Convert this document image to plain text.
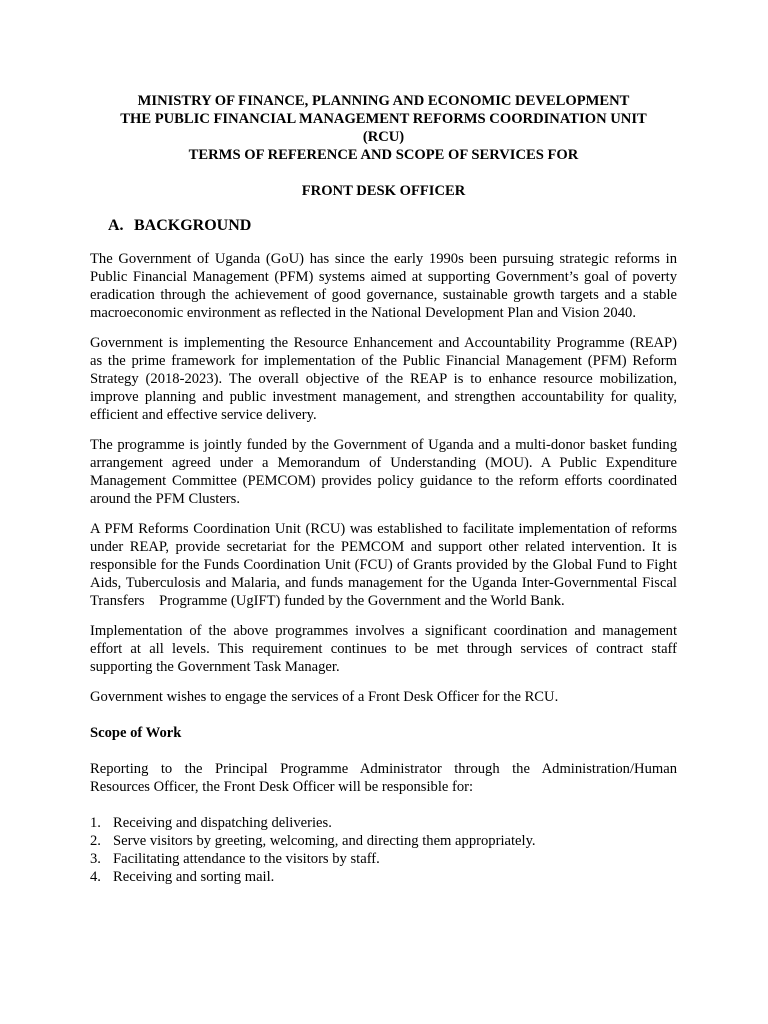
MINISTRY OF FINANCE, PLANNING AND ECONOMIC DEVELOPMENT
THE PUBLIC FINANCIAL MANAGEMENT REFORMS COORDINATION UNIT
(RCU)
TERMS OF REFERENCE AND SCOPE OF SERVICES FOR
FRONT DESK OFFICER
A. BACKGROUND
The Government of Uganda (GoU) has since the early 1990s been pursuing strategic reforms in
Public Financial Management (PFM) systems aimed at supporting Government’s goal of poverty
eradication through the achievement of good governance, sustainable growth targets and a stable
macroeconomic environment as reflected in the National Development Plan and Vision 2040.
Government is implementing the Resource Enhancement and Accountability Programme (REAP)
as the prime framework for implementation of the Public Financial Management (PFM) Reform
Strategy (2018-2023). The overall objective of the REAP is to enhance resource mobilization,
improve planning and public investment management, and strengthen accountability for quality,
efficient and effective service delivery.
The programme is jointly funded by the Government of Uganda and a multi-donor basket funding
arrangement agreed under a Memorandum of Understanding (MOU). A Public Expenditure
Management Committee (PEMCOM) provides policy guidance to the reform efforts coordinated
around the PFM Clusters.
A PFM Reforms Coordination Unit (RCU) was established to facilitate implementation of reforms
under REAP, provide secretariat for the PEMCOM and support other related intervention. It is
responsible for the Funds Coordination Unit (FCU) of Grants provided by the Global Fund to Fight
Aids, Tuberculosis and Malaria, and funds management for the Uganda Inter-Governmental Fiscal
Transfers    Programme (UgIFT) funded by the Government and the World Bank.
Implementation of the above programmes involves a significant coordination and management
effort at all levels. This requirement continues to be met through services of contract staff
supporting the Government Task Manager.
Government wishes to engage the services of a Front Desk Officer for the RCU.
Scope of Work
Reporting to the Principal Programme Administrator through the Administration/Human
Resources Officer, the Front Desk Officer will be responsible for:
1. Receiving and dispatching deliveries.
2. Serve visitors by greeting, welcoming, and directing them appropriately.
3. Facilitating attendance to the visitors by staff.
4. Receiving and sorting mail.
